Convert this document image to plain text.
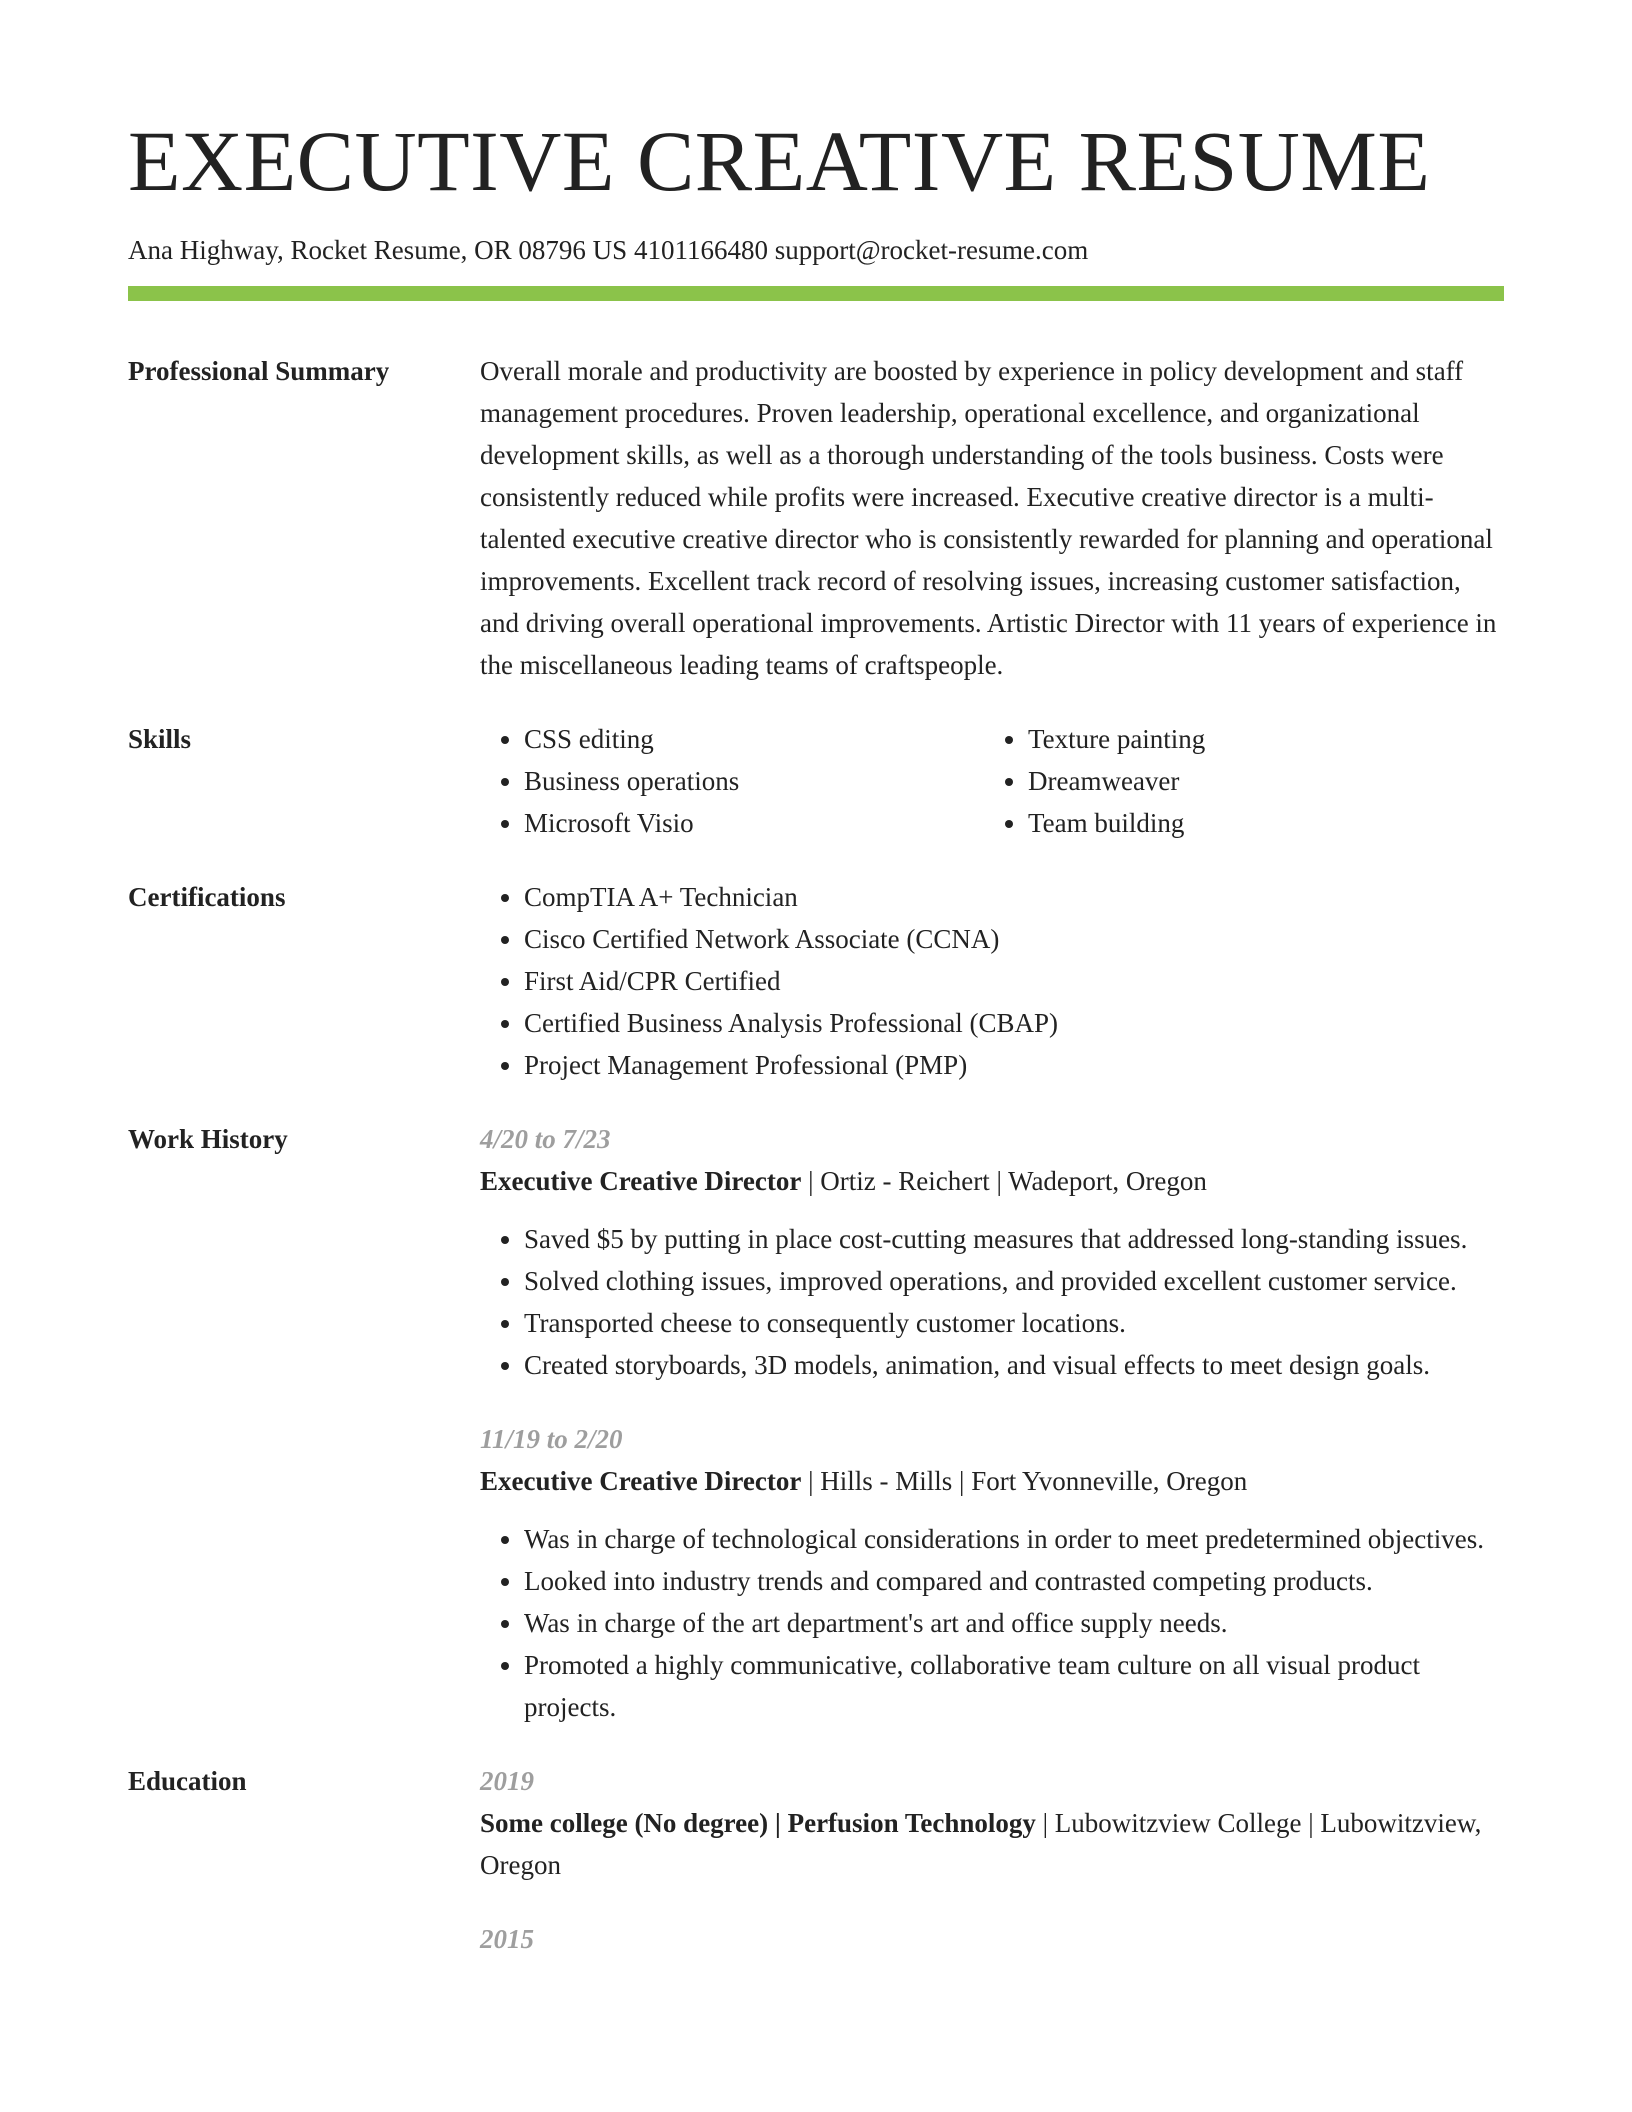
EXECUTIVE CREATIVE RESUME
Ana Highway, Rocket Resume, OR 08796 US 4101166480 support@rocket-resume.com
Professional Summary	Overall morale and productivity are boosted by experience in policy development and staff management procedures. Proven leadership, operational excellence, and organizational development skills, as well as a thorough understanding of the tools business. Costs were consistently reduced while profits were increased. Executive creative director is a multi-talented executive creative director who is consistently rewarded for planning and operational improvements. Excellent track record of resolving issues, increasing customer satisfaction, and driving overall operational improvements. Artistic Director with 11 years of experience in the miscellaneous leading teams of craftspeople.

Skills	• CSS editing
• Business operations
• Microsoft Visio
• Texture painting
• Dreamweaver
• Team building
Certifications	• CompTIA A+ Technician
• Cisco Certified Network Associate (CCNA)
• First Aid/CPR Certified
• Certified Business Analysis Professional (CBAP)
• Project Management Professional (PMP)
Work History	4/20 to 7/23
Executive Creative Director | Ortiz - Reichert | Wadeport, Oregon
• Saved $5 by putting in place cost-cutting measures that addressed long-standing issues.
• Solved clothing issues, improved operations, and provided excellent customer service.
• Transported cheese to consequently customer locations.
• Created storyboards, 3D models, animation, and visual effects to meet design goals.
11/19 to 2/20
Executive Creative Director | Hills - Mills | Fort Yvonneville, Oregon
• Was in charge of technological considerations in order to meet predetermined objectives.
• Looked into industry trends and compared and contrasted competing products.
• Was in charge of the art department's art and office supply needs.
• Promoted a highly communicative, collaborative team culture on all visual product projects.
Education	2019
Some college (No degree) | Perfusion Technology | Lubowitzview College | Lubowitzview, Oregon
2015
